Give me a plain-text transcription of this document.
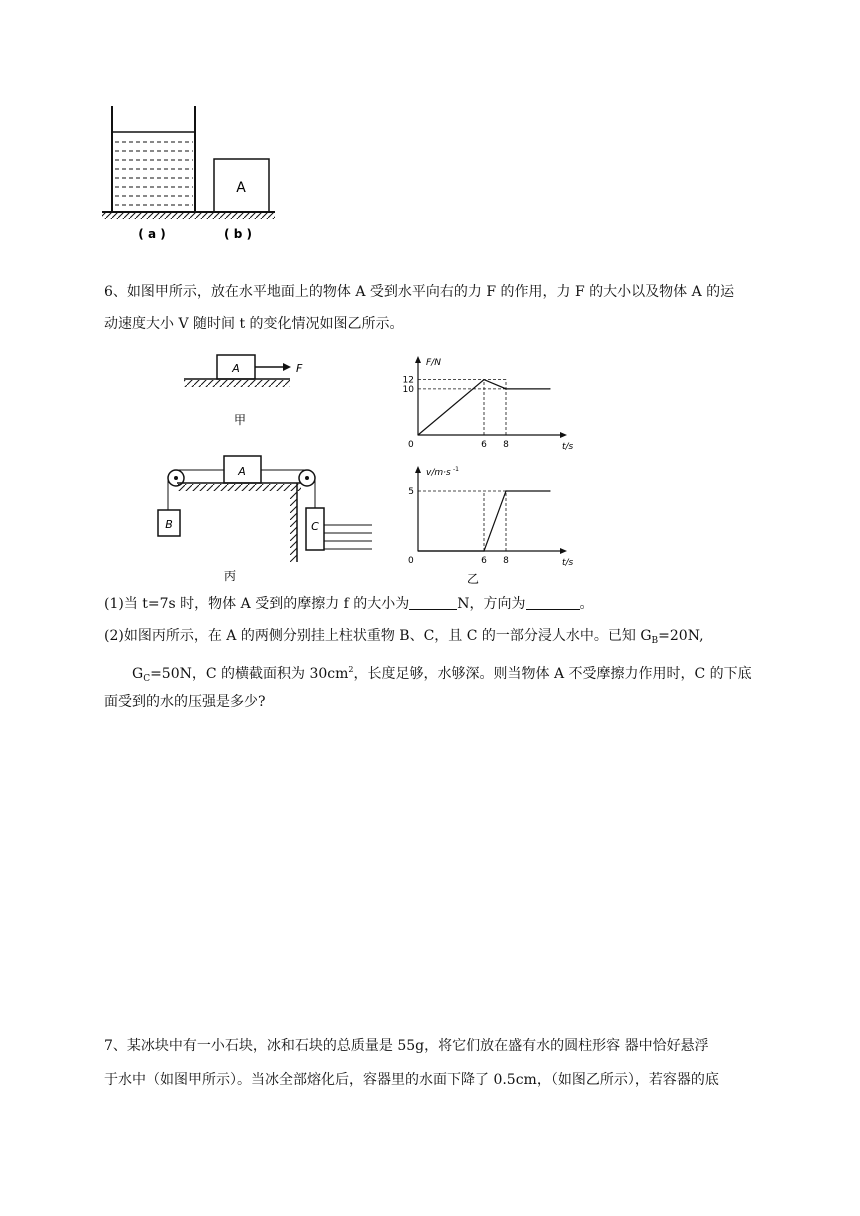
A
( a )	( b )
6、如图甲所示，放在水平地面上的物体 A 受到水平向右的力 F 的作用，力 F 的大小以及物体 A 的运
动速度大小 V 随时间 t 的变化情况如图乙所示。
A	F
甲
A
B	C
丙
F/N
t/s
0
10
12
6 8
v/m·s -1
t/s
0
5
6 8
乙
(1)当 t=7s 时，物体 A 受到的摩擦力 f 的大小为	N，方向为	。
(2)如图丙所示，在 A 的两侧分别挂上柱状重物 B、C，且 C 的一部分浸人水中。已知 $G_B=20N$,
$G_C=50N$，C 的横截面积为 $30cm^2$，长度足够，水够深。则当物体 A 不受摩擦力作用时，C 的下底
面受到的水的压强是多少?
7、某冰块中有一小石块，冰和石块的总质量是 55g，将它们放在盛有水的圆柱形容 器中恰好悬浮
于水中（如图甲所示）。当冰全部熔化后，容器里的水面下降了 0.5cm，（如图乙所示），若容器的底
